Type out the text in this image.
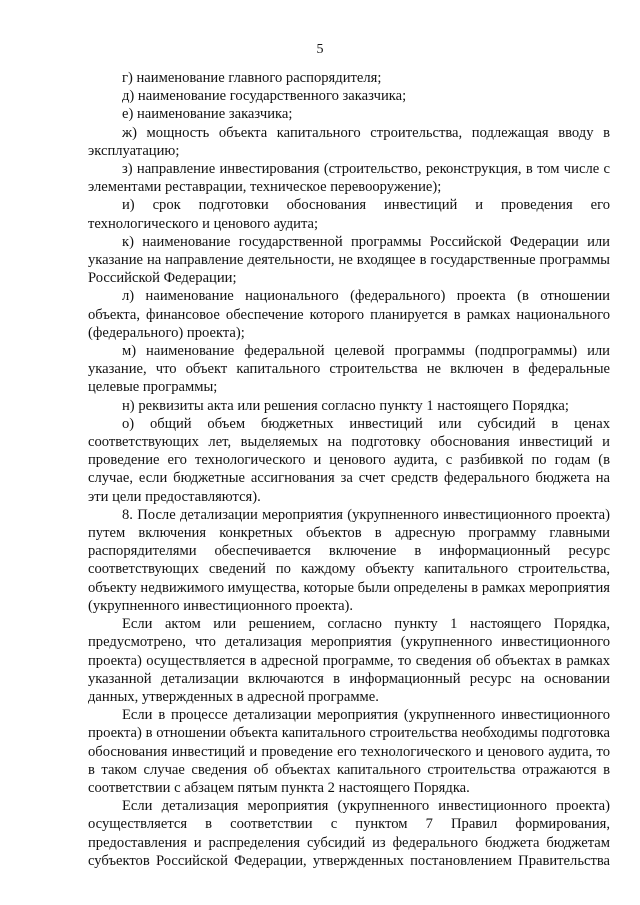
5

г) наименование главного распорядителя;

д) наименование государственного заказчика;

е) наименование заказчика;

ж) мощность объекта капитального строительства, подлежащая вводу в эксплуатацию;

з) направление инвестирования (строительство, реконструкция, в том числе с элементами реставрации, техническое перевооружение);

и) срок подготовки обоснования инвестиций и проведения его технологического и ценового аудита;

к) наименование государственной программы Российской Федерации или указание на направление деятельности, не входящее в государственные программы Российской Федерации;

л) наименование национального (федерального) проекта (в отношении объекта, финансовое обеспечение которого планируется в рамках национального (федерального) проекта);

м) наименование федеральной целевой программы (подпрограммы) или указание, что объект капитального строительства не включен в федеральные целевые программы;

н) реквизиты акта или решения согласно пункту 1 настоящего Порядка;

о) общий объем бюджетных инвестиций или субсидий в ценах соответствующих лет, выделяемых на подготовку обоснования инвестиций и проведение его технологического и ценового аудита, с разбивкой по годам (в случае, если бюджетные ассигнования за счет средств федерального бюджета на эти цели предоставляются).

8. После детализации мероприятия (укрупненного инвестиционного проекта) путем включения конкретных объектов в адресную программу главными распорядителями обеспечивается включение в информационный ресурс соответствующих сведений по каждому объекту капитального строительства, объекту недвижимого имущества, которые были определены в рамках мероприятия (укрупненного инвестиционного проекта).

Если актом или решением, согласно пункту 1 настоящего Порядка, предусмотрено, что детализация мероприятия (укрупненного инвестиционного проекта) осуществляется в адресной программе, то сведения об объектах в рамках указанной детализации включаются в информационный ресурс на основании данных, утвержденных в адресной программе.

Если в процессе детализации мероприятия (укрупненного инвестиционного проекта) в отношении объекта капитального строительства необходимы подготовка обоснования инвестиций и проведение его технологического и ценового аудита, то в таком случае сведения об объектах капитального строительства отражаются в соответствии с абзацем пятым пункта 2 настоящего Порядка.

Если детализация мероприятия (укрупненного инвестиционного проекта) осуществляется в соответствии с пунктом 7 Правил формирования, предоставления и распределения субсидий из федерального бюджета бюджетам субъектов Российской Федерации, утвержденных постановлением Правительства
